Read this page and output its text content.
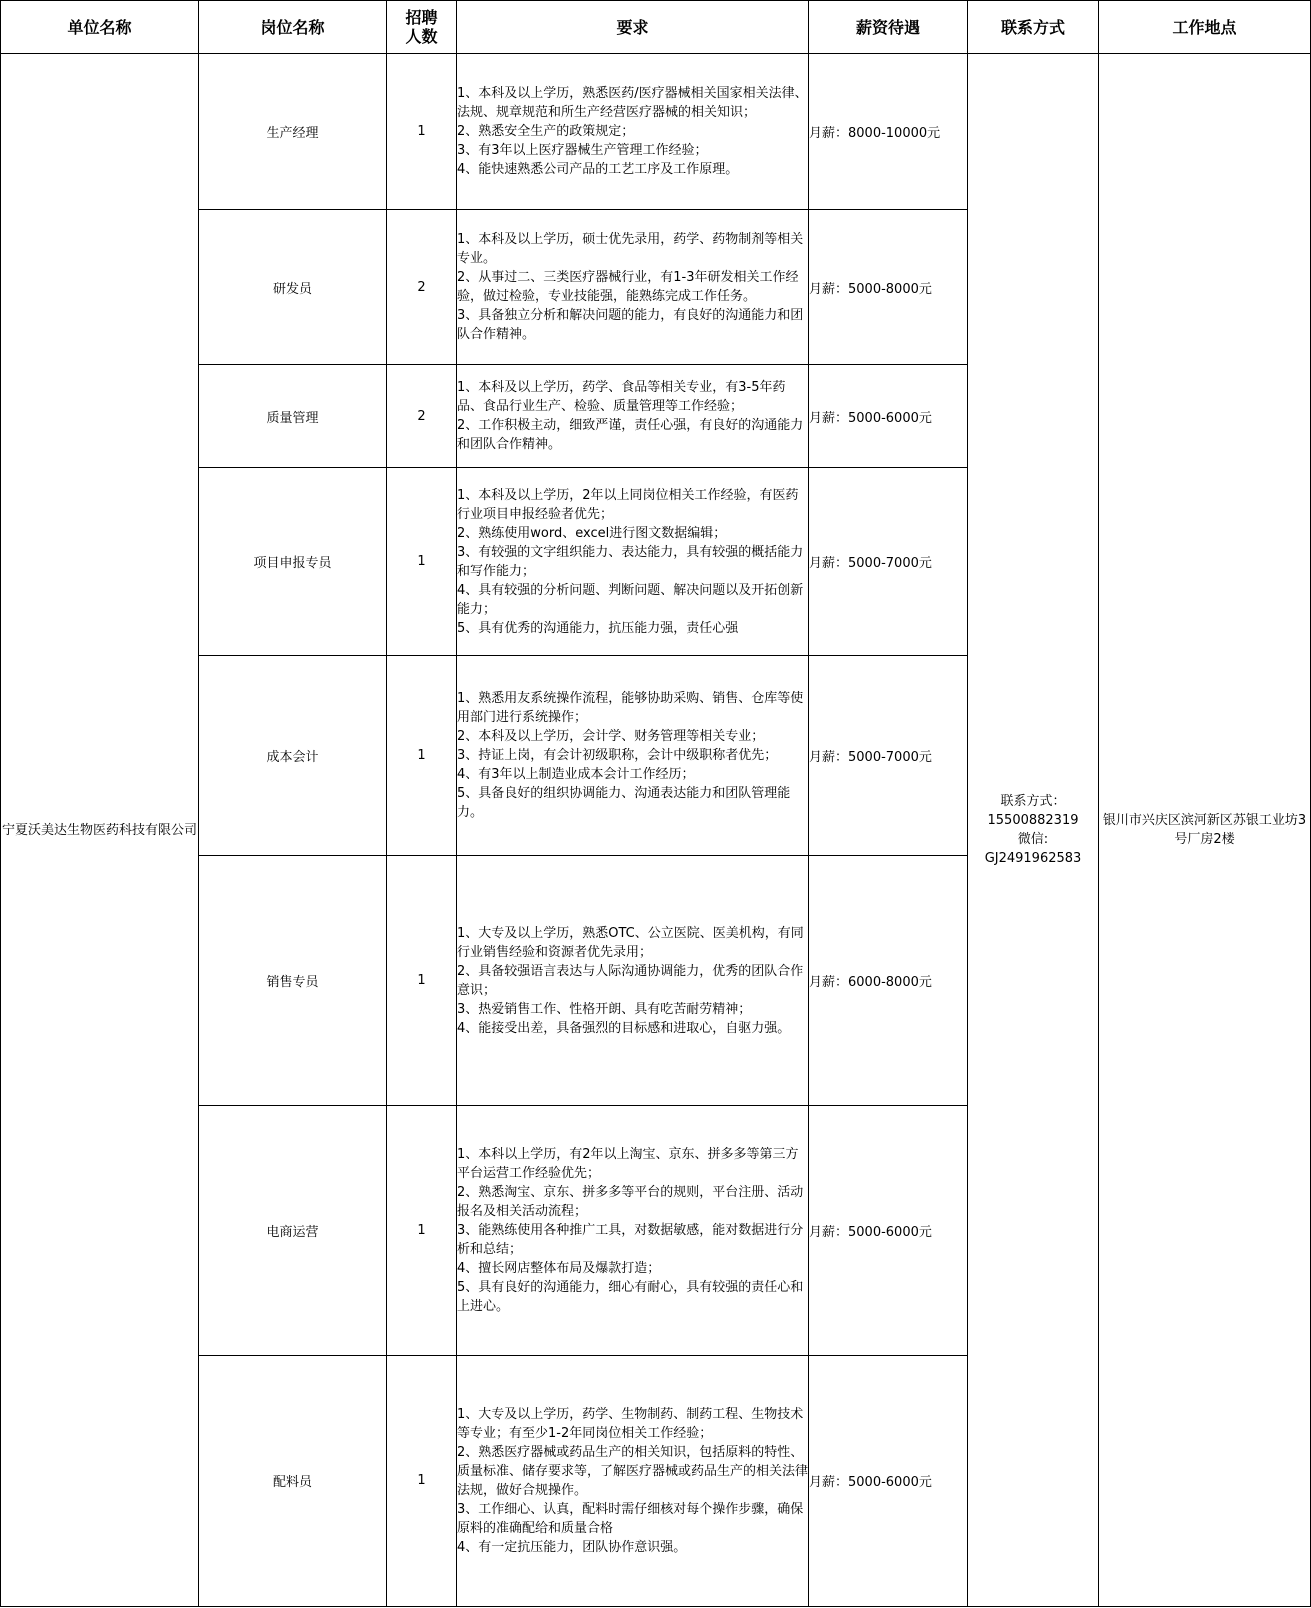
单位名称	岗位名称	招聘人数	要求	薪资待遇	联系方式	工作地点
宁夏沃美达生物医药科技有限公司	生产经理	1	1、本科及以上学历，熟悉医药/医疗器械相关国家相关法律、法规、规章规范和所生产经营医疗器械的相关知识；
2、熟悉安全生产的政策规定；
3、有3年以上医疗器械生产管理工作经验；
4、能快速熟悉公司产品的工艺工序及工作原理。	月薪：8000-10000元	联系方式：
15500882319
微信:
GJ2491962583	银川市兴庆区滨河新区苏银工业坊3号厂房2楼
	研发员	2	1、本科及以上学历，硕士优先录用，药学、药物制剂等相关专业。
2、从事过二、三类医疗器械行业，有1-3年研发相关工作经验，做过检验，专业技能强，能熟练完成工作任务。
3、具备独立分析和解决问题的能力，有良好的沟通能力和团队合作精神。	月薪：5000-8000元		
	质量管理	2	1、本科及以上学历，药学、食品等相关专业，有3-5年药品、食品行业生产、检验、质量管理等工作经验；
2、工作积极主动，细致严谨，责任心强，有良好的沟通能力和团队合作精神。	月薪：5000-6000元		
	项目申报专员	1	1、本科及以上学历，2年以上同岗位相关工作经验，有医药行业项目申报经验者优先；
2、熟练使用word、excel进行图文数据编辑；
3、有较强的文字组织能力、表达能力，具有较强的概括能力和写作能力；
4、具有较强的分析问题、判断问题、解决问题以及开拓创新能力；
5、具有优秀的沟通能力，抗压能力强，责任心强	月薪：5000-7000元		
	成本会计	1	1、熟悉用友系统操作流程，能够协助采购、销售、仓库等使用部门进行系统操作；
2、本科及以上学历，会计学、财务管理等相关专业；
3、持证上岗，有会计初级职称，会计中级职称者优先；
4、有3年以上制造业成本会计工作经历；
5、具备良好的组织协调能力、沟通表达能力和团队管理能力。	月薪：5000-7000元		
	销售专员	1	1、大专及以上学历，熟悉OTC、公立医院、医美机构，有同行业销售经验和资源者优先录用；
2、具备较强语言表达与人际沟通协调能力，优秀的团队合作意识；
3、热爱销售工作、性格开朗、具有吃苦耐劳精神；
4、能接受出差，具备强烈的目标感和进取心，自驱力强。	月薪：6000-8000元		
	电商运营	1	1、本科以上学历，有2年以上淘宝、京东、拼多多等第三方平台运营工作经验优先；
2、熟悉淘宝、京东、拼多多等平台的规则，平台注册、活动报名及相关活动流程；
3、能熟练使用各种推广工具，对数据敏感，能对数据进行分析和总结；
4、擅长网店整体布局及爆款打造；
5、具有良好的沟通能力，细心有耐心，具有较强的责任心和上进心。	月薪：5000-6000元		
	配料员	1	1、大专及以上学历，药学、生物制药、制药工程、生物技术等专业；有至少1-2年同岗位相关工作经验；
2、熟悉医疗器械或药品生产的相关知识，包括原料的特性、质量标准、储存要求等，了解医疗器械或药品生产的相关法律法规，做好合规操作。
3、工作细心、认真，配料时需仔细核对每个操作步骤，确保原料的准确配给和质量合格
4、有一定抗压能力，团队协作意识强。	月薪：5000-6000元		
